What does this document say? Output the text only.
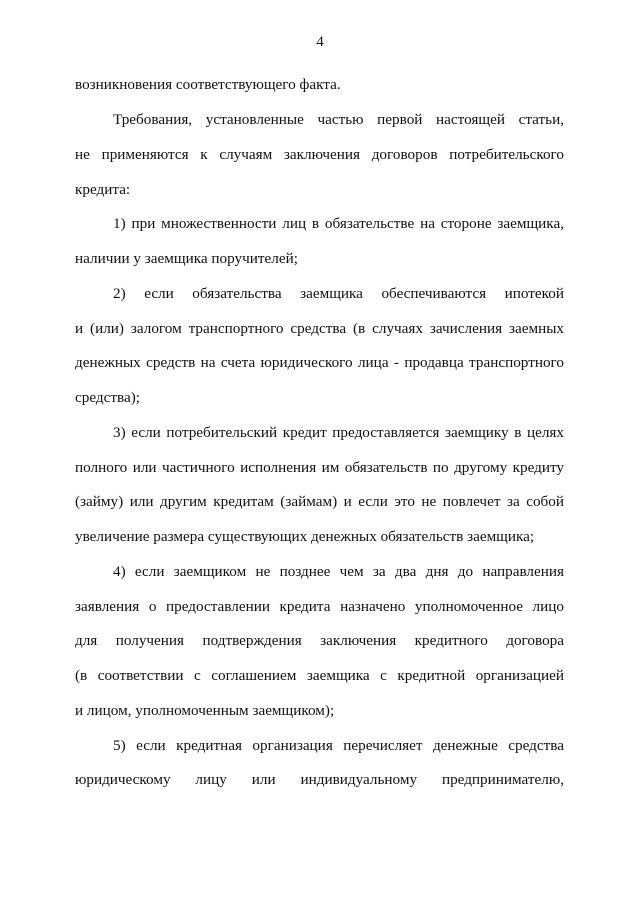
4
возникновения соответствующего факта.
Требования, установленные частью первой настоящей статьи,
не применяются к случаям заключения договоров потребительского
кредита:
1) при множественности лиц в обязательстве на стороне заемщика,
наличии у заемщика поручителей;
2) если обязательства заемщика обеспечиваются ипотекой
и (или) залогом транспортного средства (в случаях зачисления заемных
денежных средств на счета юридического лица - продавца транспортного
средства);
3) если потребительский кредит предоставляется заемщику в целях
полного или частичного исполнения им обязательств по другому кредиту
(займу) или другим кредитам (займам) и если это не повлечет за собой
увеличение размера существующих денежных обязательств заемщика;
4) если заемщиком не позднее чем за два дня до направления
заявления о предоставлении кредита назначено уполномоченное лицо
для получения подтверждения заключения кредитного договора
(в соответствии с соглашением заемщика с кредитной организацией
и лицом, уполномоченным заемщиком);
5) если кредитная организация перечисляет денежные средства
юридическому лицу или индивидуальному предпринимателю,
